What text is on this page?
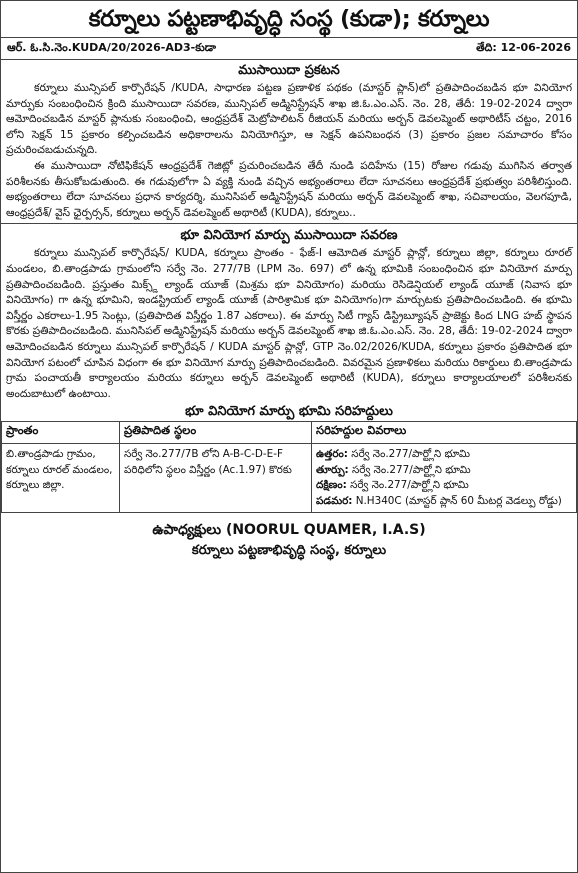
కర్నూలు పట్టణాభివృద్ధి సంస్థ (కుడా); కర్నూలు
ఆర్. ఓ.సి.నెం.KUDA/20/2026-AD3-కుడా	తేది: 12-06-2026
ముసాయిదా ప్రకటన

కర్నూలు మున్సిపల్ కార్పొరేషన్ /KUDA, సాధారణ పట్టణ ప్రణాళిక పథకం (మాస్టర్ ప్లాన్)లో ప్రతిపాదించబడిన భూ వినియోగ మార్పుకు సంబంధించిన క్రింది ముసాయిదా సవరణ, మున్సిపల్ అడ్మినిస్ట్రేషన్ శాఖ జి.ఓ.ఎం.ఎస్. నెం. 28, తేదీ: 19-02-2024 ద్వారా ఆమోదించబడిన మాస్టర్ ప్లానుకు సంబంధించి, ఆంధ్రప్రదేశ్ మెట్రోపాలిటన్ రీజియన్ మరియు అర్బన్ డెవలప్మెంట్ అథారిటీస్ చట్టం, 2016 లోని సెక్షన్ 15 ప్రకారం కల్పించబడిన అధికారాలను వినియోగిస్తూ, ఆ సెక్షన్ ఉపనిబంధన (3) ప్రకారం ప్రజల సమాచారం కోసం ప్రచురించబడుచున్నది.

ఈ ముసాయిదా నోటిఫికేషన్ ఆంధ్రప్రదేశ్ గెజిట్లో ప్రచురించబడిన తేదీ నుండి పదిహేను (15) రోజుల గడువు ముగిసిన తర్వాత పరిశీలనకు తీసుకోబడుతుంది. ఈ గడువులోగా ఏ వ్యక్తి నుండి వచ్చిన అభ్యంతరాలు లేదా సూచనలు ఆంధ్రప్రదేశ్ ప్రభుత్వం పరిశీలిస్తుంది. అభ్యంతరాలు లేదా సూచనలు ప్రధాన కార్యదర్శి, మునిసిపల్ అడ్మినిస్ట్రేషన్ మరియు అర్బన్ డెవలప్మెంట్ శాఖ, సచివాలయం, వెలగపూడి, ఆంధ్రప్రదేశ్/ వైస్ ఛైర్పర్సన్, కర్నూలు అర్బన్ డెవలప్మెంట్ అథారిటీ (KUDA), కర్నూలు..

భూ వినియోగ మార్పు ముసాయిదా సవరణ

కర్నూలు మున్సిపల్ కార్పొరేషన్/ KUDA, కర్నూలు ప్రాంతం - ఫేజ్-I ఆమోదిత మాస్టర్ ప్లాన్లో, కర్నూలు జిల్లా, కర్నూలు రూరల్ మండలం, బి.తాండ్రపాడు గ్రామంలోని సర్వే నెం. 277/7B (LPM నెం. 697) లో ఉన్న భూమికి సంబంధించిన భూ వినియోగ మార్పు ప్రతిపాదించబడింది. ప్రస్తుతం మిక్స్డ్ ల్యాండ్ యూజ్ (మిశ్రమ భూ వినియోగం) మరియు రెసిడెన్షియల్ ల్యాండ్ యూజ్ (నివాస భూ వినియోగం) గా ఉన్న భూమిని, ఇండస్ట్రియల్ ల్యాండ్ యూజ్ (పారిశ్రామిక భూ వినియోగం)గా మార్చుటకు ప్రతిపాదించబడింది. ఈ భూమి విస్తీర్ణం ఎకరాలు-1.95 సెంట్లు, (ప్రతిపాదిత విస్తీర్ణం 1.87 ఎకరాలు). ఈ మార్పు సిటీ గ్యాస్ డిస్ట్రిబ్యూషన్ ప్రాజెక్టు కింద LNG హబ్ స్థాపన కొరకు ప్రతిపాదించబడింది. మునిసిపల్ అడ్మినిస్ట్రేషన్ మరియు అర్బన్ డెవలప్మెంట్ శాఖ జి.ఓ.ఎం.ఎస్. నెం. 28, తేదీ: 19-02-2024 ద్వారా ఆమోదించబడిన కర్నూలు మున్సిపల్ కార్పొరేషన్ / KUDA మాస్టర్ ప్లాన్లో, GTP నెం.02/2026/KUDA, కర్నూలు ప్రకారం ప్రతిపాదిత భూ వినియోగ పటంలో చూపిన విధంగా ఈ భూ వినియోగ మార్పు ప్రతిపాదించబడింది. వివరమైన ప్రణాళికలు మరియు రికార్డులు బి.తాండ్రపాడు గ్రామ పంచాయతీ కార్యాలయం మరియు కర్నూలు అర్బన్ డెవలప్మెంట్ అథారిటీ (KUDA), కర్నూలు కార్యాలయాలలో పరిశీలనకు అందుబాటులో ఉంటాయి.

భూ వినియోగ మార్పు భూమి సరిహద్దులు
ప్రాంతం	ప్రతిపాదిత స్థలం	సరిహద్దుల వివరాలు
బి.తాండ్రపాడు గ్రామం, కర్నూలు రూరల్ మండలం, కర్నూలు జిల్లా.	సర్వే నెం.277/7B లోని A-B-C-D-E-F పరిధిలోని స్థలం విస్తీర్ణం (Ac.1.97) కొరకు	ఉత్తరం: సర్వే నెం.277/పార్ట్లోని భూమి
తూర్పు: సర్వే నెం.277/పార్ట్లోని భూమి
దక్షిణం: సర్వే నెం.277/పార్ట్లోని భూమి
పడమర: N.H340C (మాస్టర్ ప్లాన్ 60 మీటర్ల వెడల్పు రోడ్డు)
ఉపాధ్యక్షులు (NOORUL QUAMER, I.A.S)
కర్నూలు పట్టణాభివృద్ధి సంస్థ, కర్నూలు
